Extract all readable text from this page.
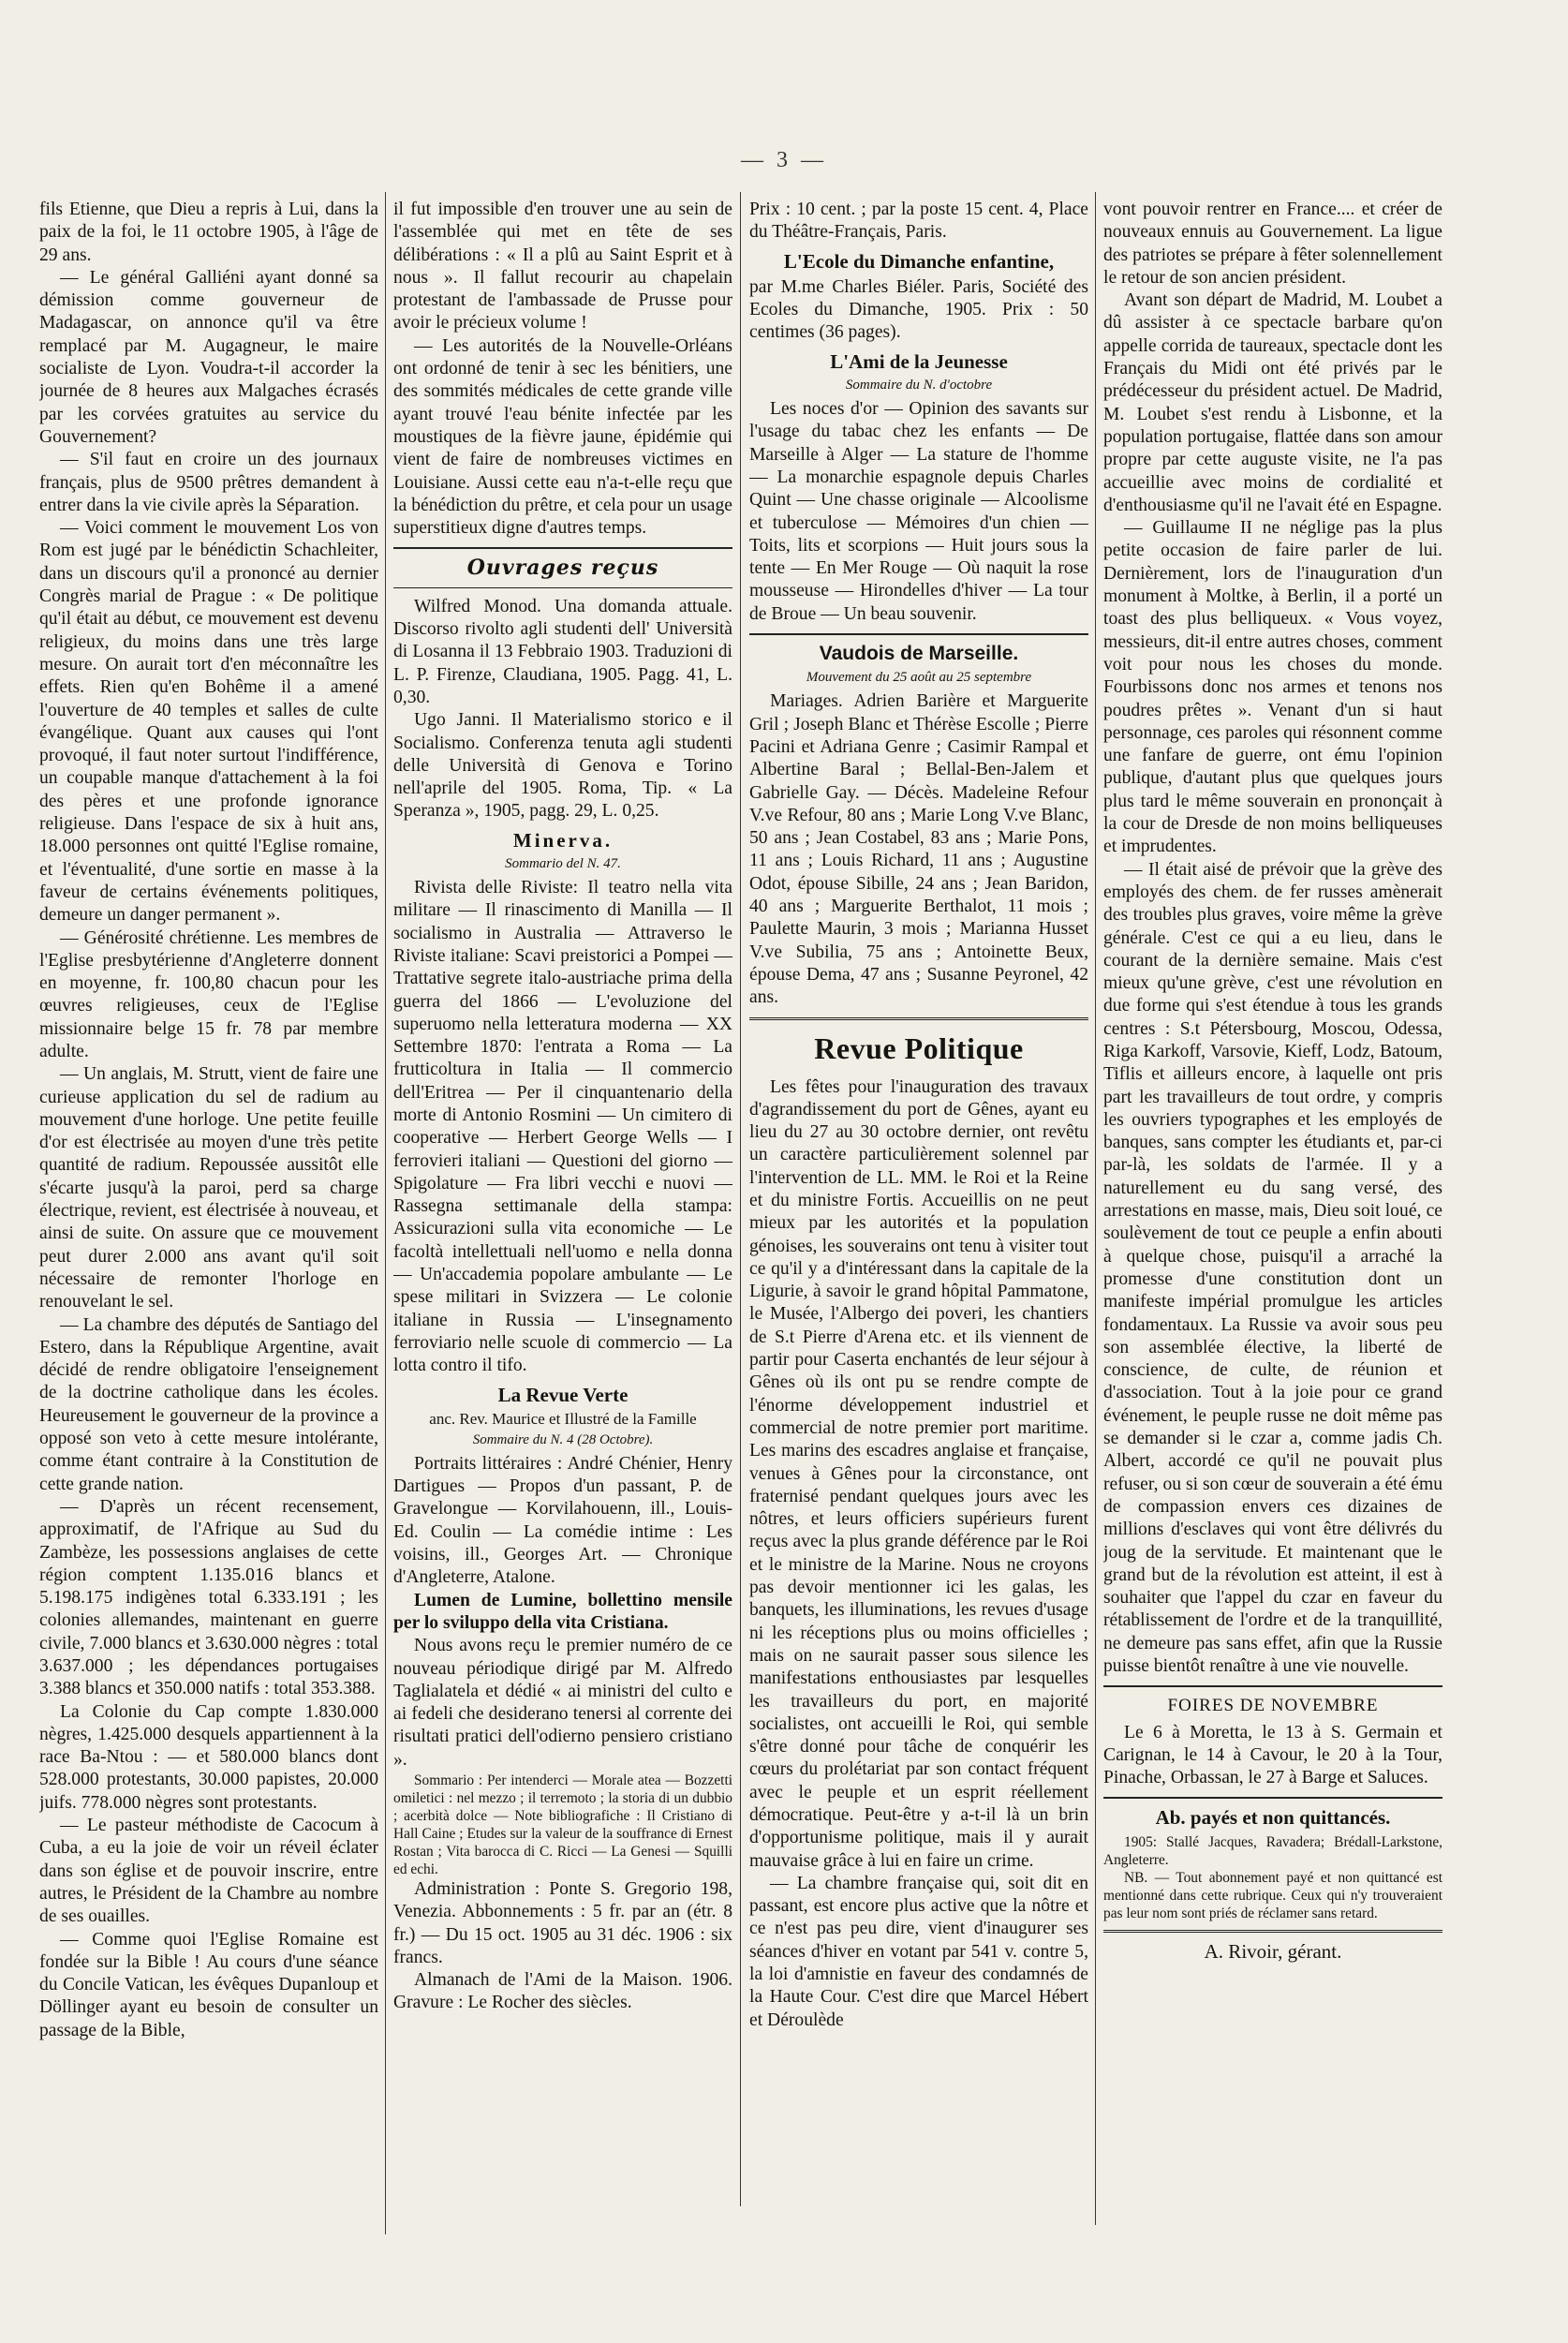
— 3 —

fils Etienne, que Dieu a repris à Lui, dans la paix de la foi, le 11 octobre 1905, à l'âge de 29 ans.

— Le général Galliéni ayant donné sa démission comme gouverneur de Madagascar, on annonce qu'il va être remplacé par M. Augagneur, le maire socialiste de Lyon. Voudra-t-il accorder la journée de 8 heures aux Malgaches écrasés par les corvées gratuites au service du Gouvernement?

— S'il faut en croire un des journaux français, plus de 9500 prêtres demandent à entrer dans la vie civile après la Séparation.

— Voici comment le mouvement Los von Rom est jugé par le bénédictin Schachleiter, dans un discours qu'il a prononcé au dernier Congrès marial de Prague : « De politique qu'il était au début, ce mouvement est devenu religieux, du moins dans une très large mesure. On aurait tort d'en méconnaître les effets. Rien qu'en Bohême il a amené l'ouverture de 40 temples et salles de culte évangélique. Quant aux causes qui l'ont provoqué, il faut noter surtout l'indifférence, un coupable manque d'attachement à la foi des pères et une profonde ignorance religieuse. Dans l'espace de six à huit ans, 18.000 personnes ont quitté l'Eglise romaine, et l'éventualité, d'une sortie en masse à la faveur de certains événements politiques, demeure un danger permanent ».

— Générosité chrétienne. Les membres de l'Eglise presbytérienne d'Angleterre donnent en moyenne, fr. 100,80 chacun pour les œuvres religieuses, ceux de l'Eglise missionnaire belge 15 fr. 78 par membre adulte.

— Un anglais, M. Strutt, vient de faire une curieuse application du sel de radium au mouvement d'une horloge. Une petite feuille d'or est électrisée au moyen d'une très petite quantité de radium. Repoussée aussitôt elle s'écarte jusqu'à la paroi, perd sa charge électrique, revient, est électrisée à nouveau, et ainsi de suite. On assure que ce mouvement peut durer 2.000 ans avant qu'il soit nécessaire de remonter l'horloge en renouvelant le sel.

— La chambre des députés de Santiago del Estero, dans la République Argentine, avait décidé de rendre obligatoire l'enseignement de la doctrine catholique dans les écoles. Heureusement le gouverneur de la province a opposé son veto à cette mesure intolérante, comme étant contraire à la Constitution de cette grande nation.

— D'après un récent recensement, approximatif, de l'Afrique au Sud du Zambèze, les possessions anglaises de cette région comptent 1.135.016 blancs et 5.198.175 indigènes total 6.333.191 ; les colonies allemandes, maintenant en guerre civile, 7.000 blancs et 3.630.000 nègres : total 3.637.000 ; les dépendances portugaises 3.388 blancs et 350.000 natifs : total 353.388.

La Colonie du Cap compte 1.830.000 nègres, 1.425.000 desquels appartiennent à la race Ba-Ntou : — et 580.000 blancs dont 528.000 protestants, 30.000 papistes, 20.000 juifs. 778.000 nègres sont protestants.

— Le pasteur méthodiste de Cacocum à Cuba, a eu la joie de voir un réveil éclater dans son église et de pouvoir inscrire, entre autres, le Président de la Chambre au nombre de ses ouailles.

— Comme quoi l'Eglise Romaine est fondée sur la Bible ! Au cours d'une séance du Concile Vatican, les évêques Dupanloup et Döllinger ayant eu besoin de consulter un passage de la Bible,

il fut impossible d'en trouver une au sein de l'assemblée qui met en tête de ses délibérations : « Il a plû au Saint Esprit et à nous ». Il fallut recourir au chapelain protestant de l'ambassade de Prusse pour avoir le précieux volume !

— Les autorités de la Nouvelle-Orléans ont ordonné de tenir à sec les bénitiers, une des sommités médicales de cette grande ville ayant trouvé l'eau bénite infectée par les moustiques de la fièvre jaune, épidémie qui vient de faire de nombreuses victimes en Louisiane. Aussi cette eau n'a-t-elle reçu que la bénédiction du prêtre, et cela pour un usage superstitieux digne d'autres temps.

Ouvrages reçus

Wilfred Monod. Una domanda attuale. Discorso rivolto agli studenti dell' Università di Losanna il 13 Febbraio 1903. Traduzioni di L. P. Firenze, Claudiana, 1905. Pagg. 41, L. 0,30.

Ugo Janni. Il Materialismo storico e il Socialismo. Conferenza tenuta agli studenti delle Università di Genova e Torino nell'aprile del 1905. Roma, Tip. « La Speranza », 1905, pagg. 29, L. 0,25.

Minerva.
Sommario del N. 47.

Rivista delle Riviste: Il teatro nella vita militare — Il rinascimento di Manilla — Il socialismo in Australia — Attraverso le Riviste italiane: Scavi preistorici a Pompei — Trattative segrete italo-austriache prima della guerra del 1866 — L'evoluzione del superuomo nella letteratura moderna — XX Settembre 1870: l'entrata a Roma — La frutticoltura in Italia — Il commercio dell'Eritrea — Per il cinquantenario della morte di Antonio Rosmini — Un cimitero di cooperative — Herbert George Wells — I ferrovieri italiani — Questioni del giorno — Spigolature — Fra libri vecchi e nuovi — Rassegna settimanale della stampa: Assicurazioni sulla vita economiche — Le facoltà intellettuali nell'uomo e nella donna — Un'accademia popolare ambulante — Le spese militari in Svizzera — Le colonie italiane in Russia — L'insegnamento ferroviario nelle scuole di commercio — La lotta contro il tifo.

La Revue Verte
anc. Rev. Maurice et Illustré de la Famille
Sommaire du N. 4 (28 Octobre).

Portraits littéraires : André Chénier, Henry Dartigues — Propos d'un passant, P. de Gravelongue — Korvilahouenn, ill., Louis-Ed. Coulin — La comédie intime : Les voisins, ill., Georges Art. — Chronique d'Angleterre, Atalone.

Lumen de Lumine, bollettino mensile per lo sviluppo della vita Cristiana.

Nous avons reçu le premier numéro de ce nouveau périodique dirigé par M. Alfredo Taglialatela et dédié « ai ministri del culto e ai fedeli che desiderano tenersi al corrente dei risultati pratici dell'odierno pensiero cristiano ».

Sommario : Per intenderci — Morale atea — Bozzetti omiletici : nel mezzo ; il terremoto ; la storia di un dubbio ; acerbità dolce — Note bibliografiche : Il Cristiano di Hall Caine ; Etudes sur la valeur de la souffrance di Ernest Rostan ; Vita barocca di C. Ricci — La Genesi — Squilli ed echi.

Administration : Ponte S. Gregorio 198, Venezia. Abbonnements : 5 fr. par an (étr. 8 fr.) — Du 15 oct. 1905 au 31 déc. 1906 : six francs.

Almanach de l'Ami de la Maison. 1906. Gravure : Le Rocher des siècles.

Prix : 10 cent. ; par la poste 15 cent. 4, Place du Théâtre-Français, Paris.

L'Ecole du Dimanche enfantine,

par M.me Charles Biéler. Paris, Société des Ecoles du Dimanche, 1905. Prix : 50 centimes (36 pages).

L'Ami de la Jeunesse
Sommaire du N. d'octobre

Les noces d'or — Opinion des savants sur l'usage du tabac chez les enfants — De Marseille à Alger — La stature de l'homme — La monarchie espagnole depuis Charles Quint — Une chasse originale — Alcoolisme et tuberculose — Mémoires d'un chien — Toits, lits et scorpions — Huit jours sous la tente — En Mer Rouge — Où naquit la rose mousseuse — Hirondelles d'hiver — La tour de Broue — Un beau souvenir.

Vaudois de Marseille.
Mouvement du 25 août au 25 septembre

Mariages. Adrien Barière et Marguerite Gril ; Joseph Blanc et Thérèse Escolle ; Pierre Pacini et Adriana Genre ; Casimir Rampal et Albertine Baral ; Bellal-Ben-Jalem et Gabrielle Gay. — Décès. Madeleine Refour V.ve Refour, 80 ans ; Marie Long V.ve Blanc, 50 ans ; Jean Costabel, 83 ans ; Marie Pons, 11 ans ; Louis Richard, 11 ans ; Augustine Odot, épouse Sibille, 24 ans ; Jean Baridon, 40 ans ; Marguerite Berthalot, 11 mois ; Paulette Maurin, 3 mois ; Marianna Husset V.ve Subilia, 75 ans ; Antoinette Beux, épouse Dema, 47 ans ; Susanne Peyronel, 42 ans.

Revue Politique

Les fêtes pour l'inauguration des travaux d'agrandissement du port de Gênes, ayant eu lieu du 27 au 30 octobre dernier, ont revêtu un caractère particulièrement solennel par l'intervention de LL. MM. le Roi et la Reine et du ministre Fortis. Accueillis on ne peut mieux par les autorités et la population génoises, les souverains ont tenu à visiter tout ce qu'il y a d'intéressant dans la capitale de la Ligurie, à savoir le grand hôpital Pammatone, le Musée, l'Albergo dei poveri, les chantiers de S.t Pierre d'Arena etc. et ils viennent de partir pour Caserta enchantés de leur séjour à Gênes où ils ont pu se rendre compte de l'énorme développement industriel et commercial de notre premier port maritime. Les marins des escadres anglaise et française, venues à Gênes pour la circonstance, ont fraternisé pendant quelques jours avec les nôtres, et leurs officiers supérieurs furent reçus avec la plus grande déférence par le Roi et le ministre de la Marine. Nous ne croyons pas devoir mentionner ici les galas, les banquets, les illuminations, les revues d'usage ni les réceptions plus ou moins officielles ; mais on ne saurait passer sous silence les manifestations enthousiastes par lesquelles les travailleurs du port, en majorité socialistes, ont accueilli le Roi, qui semble s'être donné pour tâche de conquérir les cœurs du prolétariat par son contact fréquent avec le peuple et un esprit réellement démocratique. Peut-être y a-t-il là un brin d'opportunisme politique, mais il y aurait mauvaise grâce à lui en faire un crime.

— La chambre française qui, soit dit en passant, est encore plus active que la nôtre et ce n'est pas peu dire, vient d'inaugurer ses séances d'hiver en votant par 541 v. contre 5, la loi d'amnistie en faveur des condamnés de la Haute Cour. C'est dire que Marcel Hébert et Déroulède

vont pouvoir rentrer en France.... et créer de nouveaux ennuis au Gouvernement. La ligue des patriotes se prépare à fêter solennellement le retour de son ancien président.

Avant son départ de Madrid, M. Loubet a dû assister à ce spectacle barbare qu'on appelle corrida de taureaux, spectacle dont les Français du Midi ont été privés par le prédécesseur du président actuel. De Madrid, M. Loubet s'est rendu à Lisbonne, et la population portugaise, flattée dans son amour propre par cette auguste visite, ne l'a pas accueillie avec moins de cordialité et d'enthousiasme qu'il ne l'avait été en Espagne.

— Guillaume II ne néglige pas la plus petite occasion de faire parler de lui. Dernièrement, lors de l'inauguration d'un monument à Moltke, à Berlin, il a porté un toast des plus belliqueux. « Vous voyez, messieurs, dit-il entre autres choses, comment voit pour nous les choses du monde. Fourbissons donc nos armes et tenons nos poudres prêtes ». Venant d'un si haut personnage, ces paroles qui résonnent comme une fanfare de guerre, ont ému l'opinion publique, d'autant plus que quelques jours plus tard le même souverain en prononçait à la cour de Dresde de non moins belliqueuses et imprudentes.

— Il était aisé de prévoir que la grève des employés des chem. de fer russes amènerait des troubles plus graves, voire même la grève générale. C'est ce qui a eu lieu, dans le courant de la dernière semaine. Mais c'est mieux qu'une grève, c'est une révolution en due forme qui s'est étendue à tous les grands centres : S.t Pétersbourg, Moscou, Odessa, Riga Karkoff, Varsovie, Kieff, Lodz, Batoum, Tiflis et ailleurs encore, à laquelle ont pris part les travailleurs de tout ordre, y compris les ouvriers typographes et les employés de banques, sans compter les étudiants et, par-ci par-là, les soldats de l'armée. Il y a naturellement eu du sang versé, des arrestations en masse, mais, Dieu soit loué, ce soulèvement de tout ce peuple a enfin abouti à quelque chose, puisqu'il a arraché la promesse d'une constitution dont un manifeste impérial promulgue les articles fondamentaux. La Russie va avoir sous peu son assemblée élective, la liberté de conscience, de culte, de réunion et d'association. Tout à la joie pour ce grand événement, le peuple russe ne doit même pas se demander si le czar a, comme jadis Ch. Albert, accordé ce qu'il ne pouvait plus refuser, ou si son cœur de souverain a été ému de compassion envers ces dizaines de millions d'esclaves qui vont être délivrés du joug de la servitude. Et maintenant que le grand but de la révolution est atteint, il est à souhaiter que l'appel du czar en faveur du rétablissement de l'ordre et de la tranquillité, ne demeure pas sans effet, afin que la Russie puisse bientôt renaître à une vie nouvelle.

FOIRES DE NOVEMBRE

Le 6 à Moretta, le 13 à S. Germain et Carignan, le 14 à Cavour, le 20 à la Tour, Pinache, Orbassan, le 27 à Barge et Saluces.

Ab. payés et non quittancés.

1905: Stallé Jacques, Ravadera; Brédall-Larkstone, Angleterre.

NB. — Tout abonnement payé et non quittancé est mentionné dans cette rubrique. Ceux qui n'y trouveraient pas leur nom sont priés de réclamer sans retard.

A. Rivoir, gérant.
